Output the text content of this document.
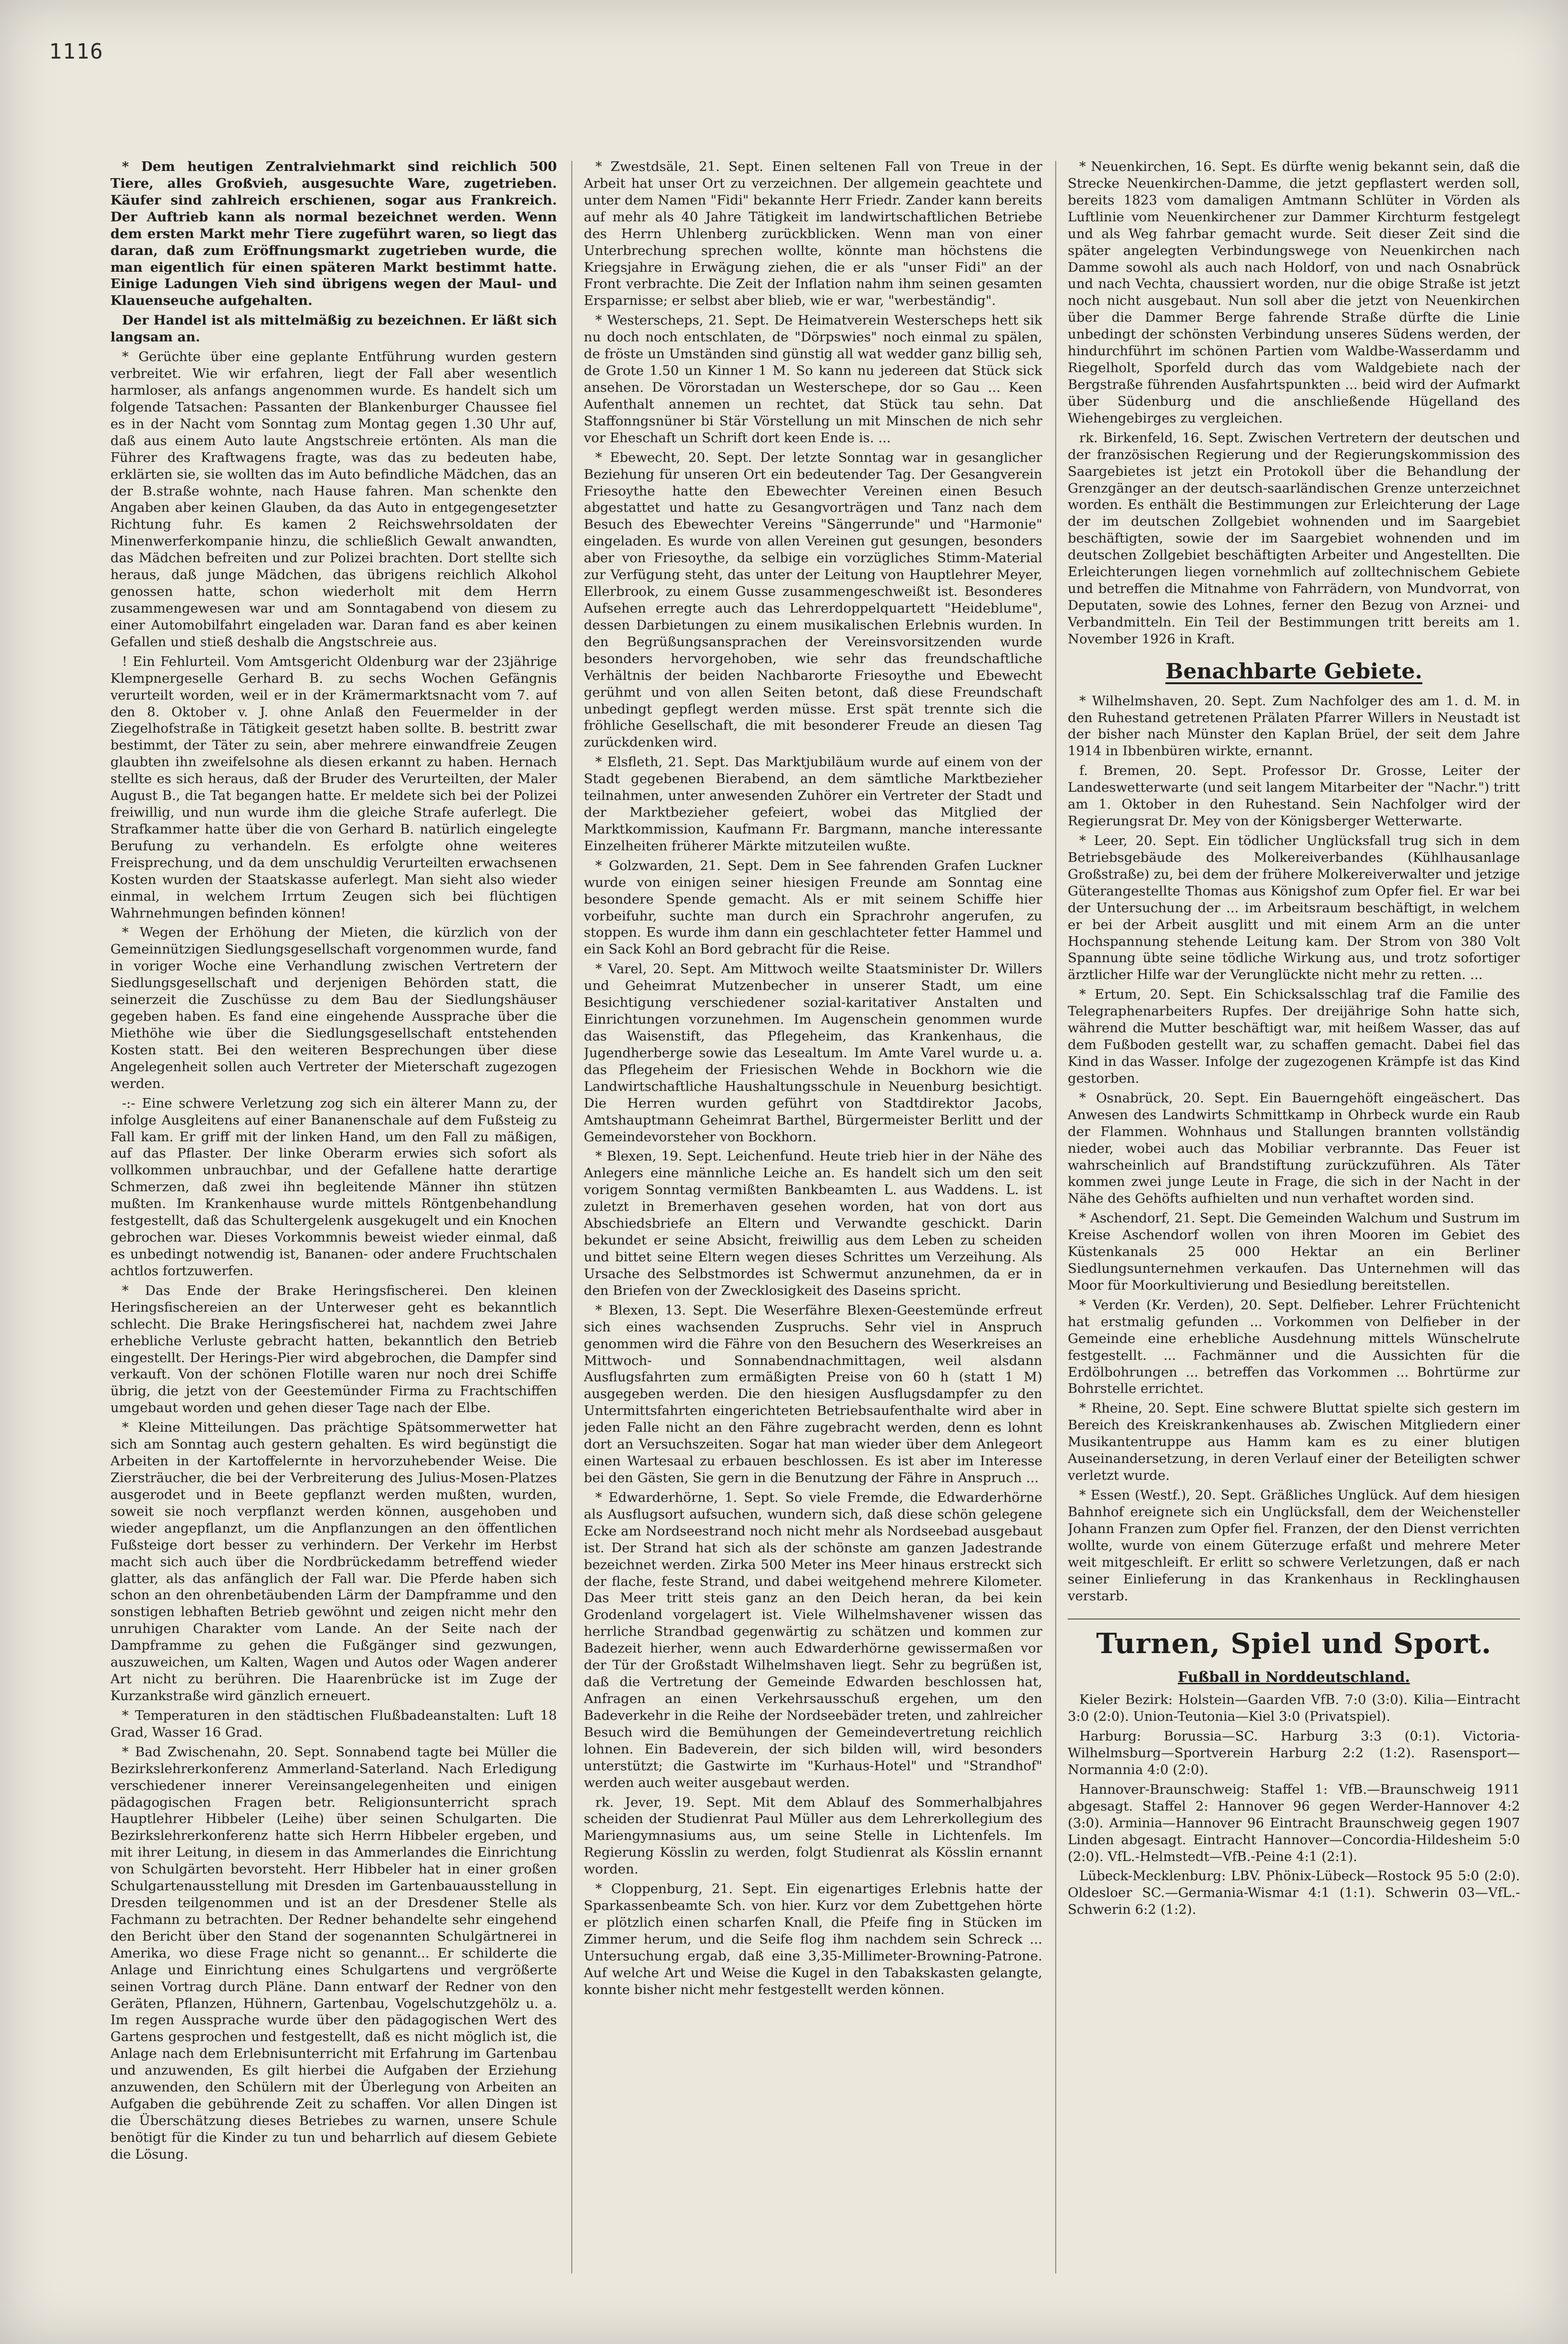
1116

* Dem heutigen Zentralviehmarkt sind reichlich 500 Tiere, alles Großvieh, ausgesuchte Ware, zugetrieben. Käufer sind zahlreich erschienen, sogar aus Frankreich. Der Auftrieb kann als normal bezeichnet werden. Wenn dem ersten Markt mehr Tiere zugeführt waren, so liegt das daran, daß zum Eröffnungsmarkt zugetrieben wurde, die man eigentlich für einen späteren Markt bestimmt hatte. Einige Ladungen Vieh sind übrigens wegen der Maul- und Klauenseuche aufgehalten.

Der Handel ist als mittelmäßig zu bezeichnen. Er läßt sich langsam an.

* Gerüchte über eine geplante Entführung wurden gestern verbreitet. Wie wir erfahren, liegt der Fall aber wesentlich harmloser, als anfangs angenommen wurde. Es handelt sich um folgende Tatsachen: Passanten der Blankenburger Chaussee fiel es in der Nacht vom Sonntag zum Montag gegen 1.30 Uhr auf, daß aus einem Auto laute Angstschreie ertönten. Als man die Führer des Kraftwagens fragte, was das zu bedeuten habe, erklärten sie, sie wollten das im Auto befindliche Mädchen, das an der B.straße wohnte, nach Hause fahren. Man schenkte den Angaben aber keinen Glauben, da das Auto in entgegengesetzter Richtung fuhr. Es kamen 2 Reichswehrsoldaten der Minenwerferkompanie hinzu, die schließlich Gewalt anwandten, das Mädchen befreiten und zur Polizei brachten. Dort stellte sich heraus, daß junge Mädchen, das übrigens reichlich Alkohol genossen hatte, schon wiederholt mit dem Herrn zusammengewesen war und am Sonntagabend von diesem zu einer Automobilfahrt eingeladen war. Daran fand es aber keinen Gefallen und stieß deshalb die Angstschreie aus.

! Ein Fehlurteil. Vom Amtsgericht Oldenburg war der 23jährige Klempnergeselle Gerhard B. zu sechs Wochen Gefängnis verurteilt worden, weil er in der Krämermarktsnacht vom 7. auf den 8. Oktober v. J. ohne Anlaß den Feuermelder in der Ziegelhofstraße in Tätigkeit gesetzt haben sollte. B. bestritt zwar bestimmt, der Täter zu sein, aber mehrere einwandfreie Zeugen glaubten ihn zweifelsohne als diesen erkannt zu haben. Hernach stellte es sich heraus, daß der Bruder des Verurteilten, der Maler August B., die Tat begangen hatte. Er meldete sich bei der Polizei freiwillig, und nun wurde ihm die gleiche Strafe auferlegt. Die Strafkammer hatte über die von Gerhard B. natürlich eingelegte Berufung zu verhandeln. Es erfolgte ohne weiteres Freisprechung, und da dem unschuldig Verurteilten erwachsenen Kosten wurden der Staatskasse auferlegt. Man sieht also wieder einmal, in welchem Irrtum Zeugen sich bei flüchtigen Wahrnehmungen befinden können!

* Wegen der Erhöhung der Mieten, die kürzlich von der Gemeinnützigen Siedlungsgesellschaft vorgenommen wurde, fand in voriger Woche eine Verhandlung zwischen Vertretern der Siedlungsgesellschaft und derjenigen Behörden statt, die seinerzeit die Zuschüsse zu dem Bau der Siedlungshäuser gegeben haben. Es fand eine eingehende Aussprache über die Miethöhe wie über die Siedlungsgesellschaft entstehenden Kosten statt. Bei den weiteren Besprechungen über diese Angelegenheit sollen auch Vertreter der Mieterschaft zugezogen werden.

-:- Eine schwere Verletzung zog sich ein älterer Mann zu, der infolge Ausgleitens auf einer Bananenschale auf dem Fußsteig zu Fall kam. Er griff mit der linken Hand, um den Fall zu mäßigen, auf das Pflaster. Der linke Oberarm erwies sich sofort als vollkommen unbrauchbar, und der Gefallene hatte derartige Schmerzen, daß zwei ihn begleitende Männer ihn stützen mußten. Im Krankenhause wurde mittels Röntgenbehandlung festgestellt, daß das Schultergelenk ausgekugelt und ein Knochen gebrochen war. Dieses Vorkommnis beweist wieder einmal, daß es unbedingt notwendig ist, Bananen- oder andere Fruchtschalen achtlos fortzuwerfen.

* Das Ende der Brake Heringsfischerei. Den kleinen Heringsfischereien an der Unterweser geht es bekanntlich schlecht. Die Brake Heringsfischerei hat, nachdem zwei Jahre erhebliche Verluste gebracht hatten, bekanntlich den Betrieb eingestellt. Der Herings-Pier wird abgebrochen, die Dampfer sind verkauft. Von der schönen Flotille waren nur noch drei Schiffe übrig, die jetzt von der Geestemünder Firma zu Frachtschiffen umgebaut worden und gehen dieser Tage nach der Elbe.

* Kleine Mitteilungen. Das prächtige Spätsommerwetter hat sich am Sonntag auch gestern gehalten. Es wird begünstigt die Arbeiten in der Kartoffelernte in hervorzuhebender Weise. Die Ziersträucher, die bei der Verbreiterung des Julius-Mosen-Platzes ausgerodet und in Beete gepflanzt werden mußten, wurden, soweit sie noch verpflanzt werden können, ausgehoben und wieder angepflanzt, um die Anpflanzungen an den öffentlichen Fußsteige dort besser zu verhindern. Der Verkehr im Herbst macht sich auch über die Nordbrückedamm betreffend wieder glatter, als das anfänglich der Fall war. Die Pferde haben sich schon an den ohrenbetäubenden Lärm der Dampframme und den sonstigen lebhaften Betrieb gewöhnt und zeigen nicht mehr den unruhigen Charakter vom Lande. An der Seite nach der Dampframme zu gehen die Fußgänger sind gezwungen, auszuweichen, um Kalten, Wagen und Autos oder Wagen anderer Art nicht zu berühren. Die Haarenbrücke ist im Zuge der Kurzankstraße wird gänzlich erneuert.

* Temperaturen in den städtischen Flußbadeanstalten: Luft 18 Grad, Wasser 16 Grad.

* Bad Zwischenahn, 20. Sept. Sonnabend tagte bei Müller die Bezirkslehrerkonferenz Ammerland-Saterland. Nach Erledigung verschiedener innerer Vereinsangelegenheiten und einigen pädagogischen Fragen betr. Religionsunterricht sprach Hauptlehrer Hibbeler (Leihe) über seinen Schulgarten. Die Bezirkslehrerkonferenz hatte sich Herrn Hibbeler ergeben, und mit ihrer Leitung, in diesem in das Ammerlandes die Einrichtung von Schulgärten bevorsteht. Herr Hibbeler hat in einer großen Schulgartenausstellung mit Dresden im Gartenbauausstellung in Dresden teilgenommen und ist an der Dresdener Stelle als Fachmann zu betrachten. Der Redner behandelte sehr eingehend den Bericht über den Stand der sogenannten Schulgärtnerei in Amerika, wo diese Frage nicht so genannt... Er schilderte die Anlage und Einrichtung eines Schulgartens und vergrößerte seinen Vortrag durch Pläne. Dann entwarf der Redner von den Geräten, Pflanzen, Hühnern, Gartenbau, Vogelschutzgehölz u. a. Im regen Aussprache wurde über den pädagogischen Wert des Gartens gesprochen und festgestellt, daß es nicht möglich ist, die Anlage nach dem Erlebnisunterricht mit Erfahrung im Gartenbau und anzuwenden, Es gilt hierbei die Aufgaben der Erziehung anzuwenden, den Schülern mit der Überlegung von Arbeiten an Aufgaben die gebührende Zeit zu schaffen. Vor allen Dingen ist die Überschätzung dieses Betriebes zu warnen, unsere Schule benötigt für die Kinder zu tun und beharrlich auf diesem Gebiete die Lösung.

* Zwestdsäle, 21. Sept. Einen seltenen Fall von Treue in der Arbeit hat unser Ort zu verzeichnen. Der allgemein geachtete und unter dem Namen "Fidi" bekannte Herr Friedr. Zander kann bereits auf mehr als 40 Jahre Tätigkeit im landwirtschaftlichen Betriebe des Herrn Uhlenberg zurückblicken. Wenn man von einer Unterbrechung sprechen wollte, könnte man höchstens die Kriegsjahre in Erwägung ziehen, die er als "unser Fidi" an der Front verbrachte. Die Zeit der Inflation nahm ihm seinen gesamten Ersparnisse; er selbst aber blieb, wie er war, "werbeständig".

* Westerscheps, 21. Sept. De Heimatverein Westerscheps hett sik nu doch noch entschlaten, de "Dörpswies" noch einmal zu spälen, de fröste un Umständen sind günstig all wat wedder ganz billig seh, de Grote 1.50 un Kinner 1 M. So kann nu jedereen dat Stück sick ansehen. De Vörorstadan un Westerschepe, dor so Gau ... Keen Aufenthalt annemen un rechtet, dat Stück tau sehn. Dat Staffonngsnüner bi Stär Vörstellung un mit Minschen de nich sehr vor Eheschaft un Schrift dort keen Ende is. ...

* Ebewecht, 20. Sept. Der letzte Sonntag war in gesanglicher Beziehung für unseren Ort ein bedeutender Tag. Der Gesangverein Friesoythe hatte den Ebewechter Vereinen einen Besuch abgestattet und hatte zu Gesangvorträgen und Tanz nach dem Besuch des Ebewechter Vereins "Sängerrunde" und "Harmonie" eingeladen. Es wurde von allen Vereinen gut gesungen, besonders aber von Friesoythe, da selbige ein vorzügliches Stimm-Material zur Verfügung steht, das unter der Leitung von Hauptlehrer Meyer, Ellerbrook, zu einem Gusse zusammengeschweißt ist. Besonderes Aufsehen erregte auch das Lehrerdoppelquartett "Heideblume", dessen Darbietungen zu einem musikalischen Erlebnis wurden. In den Begrüßungsansprachen der Vereinsvorsitzenden wurde besonders hervorgehoben, wie sehr das freundschaftliche Verhältnis der beiden Nachbarorte Friesoythe und Ebewecht gerühmt und von allen Seiten betont, daß diese Freundschaft unbedingt gepflegt werden müsse. Erst spät trennte sich die fröhliche Gesellschaft, die mit besonderer Freude an diesen Tag zurückdenken wird.

* Elsfleth, 21. Sept. Das Marktjubiläum wurde auf einem von der Stadt gegebenen Bierabend, an dem sämtliche Marktbezieher teilnahmen, unter anwesenden Zuhörer ein Vertreter der Stadt und der Marktbezieher gefeiert, wobei das Mitglied der Marktkommission, Kaufmann Fr. Bargmann, manche interessante Einzelheiten früherer Märkte mitzuteilen wußte.

* Golzwarden, 21. Sept. Dem in See fahrenden Grafen Luckner wurde von einigen seiner hiesigen Freunde am Sonntag eine besondere Spende gemacht. Als er mit seinem Schiffe hier vorbeifuhr, suchte man durch ein Sprachrohr angerufen, zu stoppen. Es wurde ihm dann ein geschlachteter fetter Hammel und ein Sack Kohl an Bord gebracht für die Reise.

* Varel, 20. Sept. Am Mittwoch weilte Staatsminister Dr. Willers und Geheimrat Mutzenbecher in unserer Stadt, um eine Besichtigung verschiedener sozial-karitativer Anstalten und Einrichtungen vorzunehmen. Im Augenschein genommen wurde das Waisenstift, das Pflegeheim, das Krankenhaus, die Jugendherberge sowie das Lesealtum. Im Amte Varel wurde u. a. das Pflegeheim der Friesischen Wehde in Bockhorn wie die Landwirtschaftliche Haushaltungsschule in Neuenburg besichtigt. Die Herren wurden geführt von Stadtdirektor Jacobs, Amtshauptmann Geheimrat Barthel, Bürgermeister Berlitt und der Gemeindevorsteher von Bockhorn.

* Blexen, 19. Sept. Leichenfund. Heute trieb hier in der Nähe des Anlegers eine männliche Leiche an. Es handelt sich um den seit vorigem Sonntag vermißten Bankbeamten L. aus Waddens. L. ist zuletzt in Bremerhaven gesehen worden, hat von dort aus Abschiedsbriefe an Eltern und Verwandte geschickt. Darin bekundet er seine Absicht, freiwillig aus dem Leben zu scheiden und bittet seine Eltern wegen dieses Schrittes um Verzeihung. Als Ursache des Selbstmordes ist Schwermut anzunehmen, da er in den Briefen von der Zwecklosigkeit des Daseins spricht.

* Blexen, 13. Sept. Die Weserfähre Blexen-Geestemünde erfreut sich eines wachsenden Zuspruchs. Sehr viel in Anspruch genommen wird die Fähre von den Besuchern des Weserkreises an Mittwoch- und Sonnabendnachmittagen, weil alsdann Ausflugsfahrten zum ermäßigten Preise von 60 h (statt 1 M) ausgegeben werden. Die den hiesigen Ausflugsdampfer zu den Untermittsfahrten eingerichteten Betriebsaufenthalte wird aber in jeden Falle nicht an den Fähre zugebracht werden, denn es lohnt dort an Versuchszeiten. Sogar hat man wieder über dem Anlegeort einen Wartesaal zu erbauen beschlossen. Es ist aber im Interesse bei den Gästen, Sie gern in die Benutzung der Fähre in Anspruch ...

* Edwarderhörne, 1. Sept. So viele Fremde, die Edwarderhörne als Ausflugsort aufsuchen, wundern sich, daß diese schön gelegene Ecke am Nordseestrand noch nicht mehr als Nordseebad ausgebaut ist. Der Strand hat sich als der schönste am ganzen Jadestrande bezeichnet werden. Zirka 500 Meter ins Meer hinaus erstreckt sich der flache, feste Strand, und dabei weitgehend mehrere Kilometer. Das Meer tritt steis ganz an den Deich heran, da bei kein Grodenland vorgelagert ist. Viele Wilhelmshavener wissen das herrliche Strandbad gegenwärtig zu schätzen und kommen zur Badezeit hierher, wenn auch Edwarderhörne gewissermaßen vor der Tür der Großstadt Wilhelmshaven liegt. Sehr zu begrüßen ist, daß die Vertretung der Gemeinde Edwarden beschlossen hat, Anfragen an einen Verkehrsausschuß ergehen, um den Badeverkehr in die Reihe der Nordseebäder treten, und zahlreicher Besuch wird die Bemühungen der Gemeindevertretung reichlich lohnen. Ein Badeverein, der sich bilden will, wird besonders unterstützt; die Gastwirte im "Kurhaus-Hotel" und "Strandhof" werden auch weiter ausgebaut werden.

rk. Jever, 19. Sept. Mit dem Ablauf des Sommerhalbjahres scheiden der Studienrat Paul Müller aus dem Lehrerkollegium des Mariengymnasiums aus, um seine Stelle in Lichtenfels. Im Regierung Kösslin zu werden, folgt Studienrat als Kösslin ernannt worden.

* Cloppenburg, 21. Sept. Ein eigenartiges Erlebnis hatte der Sparkassenbeamte Sch. von hier. Kurz vor dem Zubettgehen hörte er plötzlich einen scharfen Knall, die Pfeife fing in Stücken im Zimmer herum, und die Seife flog ihm nachdem sein Schreck ... Untersuchung ergab, daß eine 3,35-Millimeter-Browning-Patrone. Auf welche Art und Weise die Kugel in den Tabakskasten gelangte, konnte bisher nicht mehr festgestellt werden können.

* Neuenkirchen, 16. Sept. Es dürfte wenig bekannt sein, daß die Strecke Neuenkirchen-Damme, die jetzt gepflastert werden soll, bereits 1823 vom damaligen Amtmann Schlüter in Vörden als Luftlinie vom Neuenkirchener zur Dammer Kirchturm festgelegt und als Weg fahrbar gemacht wurde. Seit dieser Zeit sind die später angelegten Verbindungswege von Neuenkirchen nach Damme sowohl als auch nach Holdorf, von und nach Osnabrück und nach Vechta, chaussiert worden, nur die obige Straße ist jetzt noch nicht ausgebaut. Nun soll aber die jetzt von Neuenkirchen über die Dammer Berge fahrende Straße dürfte die Linie unbedingt der schönsten Verbindung unseres Südens werden, der hindurchführt im schönen Partien vom Waldbe-Wasserdamm und Riegelholt, Sporfeld durch das vom Waldgebiete nach der Bergstraße führenden Ausfahrtspunkten ... beid wird der Aufmarkt über Südenburg und die anschließende Hügelland des Wiehengebirges zu vergleichen.

rk. Birkenfeld, 16. Sept. Zwischen Vertretern der deutschen und der französischen Regierung und der Regierungskommission des Saargebietes ist jetzt ein Protokoll über die Behandlung der Grenzgänger an der deutsch-saarländischen Grenze unterzeichnet worden. Es enthält die Bestimmungen zur Erleichterung der Lage der im deutschen Zollgebiet wohnenden und im Saargebiet beschäftigten, sowie der im Saargebiet wohnenden und im deutschen Zollgebiet beschäftigten Arbeiter und Angestellten. Die Erleichterungen liegen vornehmlich auf zolltechnischem Gebiete und betreffen die Mitnahme von Fahrrädern, von Mundvorrat, von Deputaten, sowie des Lohnes, ferner den Bezug von Arznei- und Verbandmitteln. Ein Teil der Bestimmungen tritt bereits am 1. November 1926 in Kraft.

Benachbarte Gebiete.

* Wilhelmshaven, 20. Sept. Zum Nachfolger des am 1. d. M. in den Ruhestand getretenen Prälaten Pfarrer Willers in Neustadt ist der bisher nach Münster den Kaplan Brüel, der seit dem Jahre 1914 in Ibbenbüren wirkte, ernannt.

f. Bremen, 20. Sept. Professor Dr. Grosse, Leiter der Landeswetterwarte (und seit langem Mitarbeiter der "Nachr.") tritt am 1. Oktober in den Ruhestand. Sein Nachfolger wird der Regierungsrat Dr. Mey von der Königsberger Wetterwarte.

* Leer, 20. Sept. Ein tödlicher Unglücksfall trug sich in dem Betriebsgebäude des Molkereiverbandes (Kühlhausanlage Großstraße) zu, bei dem der frühere Molkereiverwalter und jetzige Güterangestellte Thomas aus Königshof zum Opfer fiel. Er war bei der Untersuchung der ... im Arbeitsraum beschäftigt, in welchem er bei der Arbeit ausglitt und mit einem Arm an die unter Hochspannung stehende Leitung kam. Der Strom von 380 Volt Spannung übte seine tödliche Wirkung aus, und trotz sofortiger ärztlicher Hilfe war der Verunglückte nicht mehr zu retten. ...

* Ertum, 20. Sept. Ein Schicksalsschlag traf die Familie des Telegraphenarbeiters Rupfes. Der dreijährige Sohn hatte sich, während die Mutter beschäftigt war, mit heißem Wasser, das auf dem Fußboden gestellt war, zu schaffen gemacht. Dabei fiel das Kind in das Wasser. Infolge der zugezogenen Krämpfe ist das Kind gestorben.

* Osnabrück, 20. Sept. Ein Bauerngehöft eingeäschert. Das Anwesen des Landwirts Schmittkamp in Ohrbeck wurde ein Raub der Flammen. Wohnhaus und Stallungen brannten vollständig nieder, wobei auch das Mobiliar verbrannte. Das Feuer ist wahrscheinlich auf Brandstiftung zurückzuführen. Als Täter kommen zwei junge Leute in Frage, die sich in der Nacht in der Nähe des Gehöfts aufhielten und nun verhaftet worden sind.

* Aschendorf, 21. Sept. Die Gemeinden Walchum und Sustrum im Kreise Aschendorf wollen von ihren Mooren im Gebiet des Küstenkanals 25 000 Hektar an ein Berliner Siedlungsunternehmen verkaufen. Das Unternehmen will das Moor für Moorkultivierung und Besiedlung bereitstellen.

* Verden (Kr. Verden), 20. Sept. Delfieber. Lehrer Früchtenicht hat erstmalig gefunden ... Vorkommen von Delfieber in der Gemeinde eine erhebliche Ausdehnung mittels Wünschelrute festgestellt. ... Fachmänner und die Aussichten für die Erdölbohrungen ... betreffen das Vorkommen ... Bohrtürme zur Bohrstelle errichtet.

* Rheine, 20. Sept. Eine schwere Bluttat spielte sich gestern im Bereich des Kreiskrankenhauses ab. Zwischen Mitgliedern einer Musikantentruppe aus Hamm kam es zu einer blutigen Auseinandersetzung, in deren Verlauf einer der Beteiligten schwer verletzt wurde.

* Essen (Westf.), 20. Sept. Gräßliches Unglück. Auf dem hiesigen Bahnhof ereignete sich ein Unglücksfall, dem der Weichensteller Johann Franzen zum Opfer fiel. Franzen, der den Dienst verrichten wollte, wurde von einem Güterzuge erfaßt und mehrere Meter weit mitgeschleift. Er erlitt so schwere Verletzungen, daß er nach seiner Einlieferung in das Krankenhaus in Recklinghausen verstarb.

Turnen, Spiel und Sport.
Fußball in Norddeutschland.

Kieler Bezirk: Holstein—Gaarden VfB. 7:0 (3:0). Kilia—Eintracht 3:0 (2:0). Union-Teutonia—Kiel 3:0 (Privatspiel).

Harburg: Borussia—SC. Harburg 3:3 (0:1). Victoria-Wilhelmsburg—Sportverein Harburg 2:2 (1:2). Rasensport—Normannia 4:0 (2:0).

Hannover-Braunschweig: Staffel 1: VfB.—Braunschweig 1911 abgesagt. Staffel 2: Hannover 96 gegen Werder-Hannover 4:2 (3:0). Arminia—Hannover 96 Eintracht Braunschweig gegen 1907 Linden abgesagt. Eintracht Hannover—Concordia-Hildesheim 5:0 (2:0). VfL.-Helmstedt—VfB.-Peine 4:1 (2:1).

Lübeck-Mecklenburg: LBV. Phönix-Lübeck—Rostock 95 5:0 (2:0). Oldesloer SC.—Germania-Wismar 4:1 (1:1). Schwerin 03—VfL.-Schwerin 6:2 (1:2).
